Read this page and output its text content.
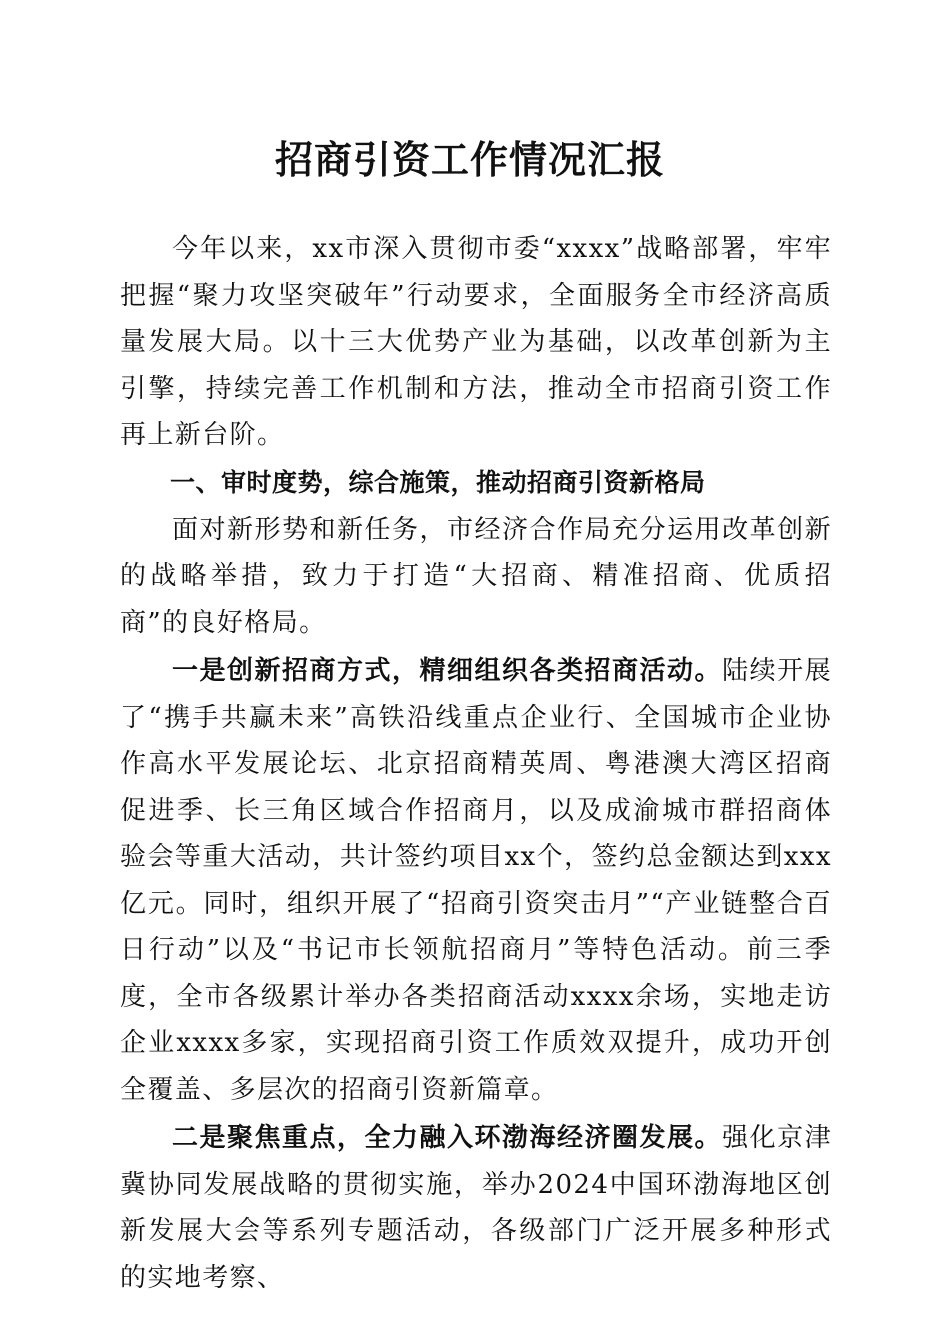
招商引资工作情况汇报

今年以来，xx市深入贯彻市委“xxxx”战略部署，牢牢把握“聚力攻坚突破年”行动要求，全面服务全市经济高质量发展大局。以十三大优势产业为基础，以改革创新为主引擎，持续完善工作机制和方法，推动全市招商引资工作再上新台阶。

一、审时度势，综合施策，推动招商引资新格局

面对新形势和新任务，市经济合作局充分运用改革创新的战略举措，致力于打造“大招商、精准招商、优质招商”的良好格局。

一是创新招商方式，精细组织各类招商活动。陆续开展了“携手共赢未来”高铁沿线重点企业行、全国城市企业协作高水平发展论坛、北京招商精英周、粤港澳大湾区招商促进季、长三角区域合作招商月，以及成渝城市群招商体验会等重大活动，共计签约项目xx个，签约总金额达到xxx亿元。同时，组织开展了“招商引资突击月”“产业链整合百日行动”以及“书记市长领航招商月”等特色活动。前三季度，全市各级累计举办各类招商活动xxxx余场，实地走访企业xxxx多家，实现招商引资工作质效双提升，成功开创全覆盖、多层次的招商引资新篇章。

二是聚焦重点，全力融入环渤海经济圈发展。强化京津冀协同发展战略的贯彻实施，举办2024中国环渤海地区创新发展大会等系列专题活动，各级部门广泛开展多种形式的实地考察、
